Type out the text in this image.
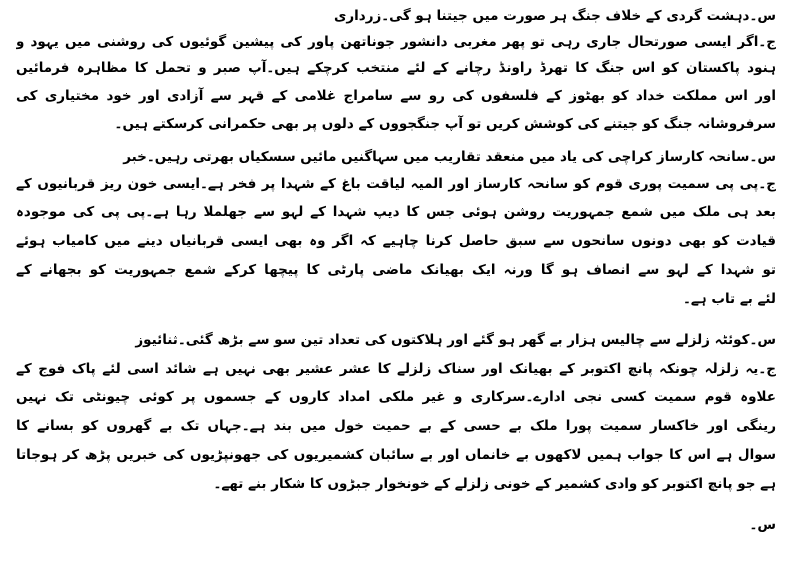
س۔دہشت گردی کے خلاف جنگ ہر صورت میں جیتنا ہو گی۔زرداری
ج۔اگر ایسی صورتحال جاری رہی تو پھر مغربی دانشور جوناتھن پاور کی پیشین گوئیوں کی روشنی میں یہود و
ہنود پاکستان کو اس جنگ کا تھرڈ راونڈ رچانے کے لئے منتخب کرچکے ہیں۔آپ صبر و تحمل کا مظاہرہ فرمائیں
اور اس مملکت خداد کو بھٹوز کے فلسفوں کی رو سے سامراج غلامی کے قہر سے آزادی اور خود مختیاری کی
سرفروشانہ جنگ کو جیتنے کی کوشش کریں تو آپ جنگجووں کے دلوں پر بھی حکمرانی کرسکتے ہیں۔
س۔سانحہ کارساز کراچی کی یاد میں منعقد تقاریب میں سہاگنیں مائیں سسکیاں بھرتی رہیں۔خبر
ج۔پی پی سمیت پوری قوم کو سانحہ کارساز اور المیہ لیاقت باغ کے شہدا پر فخر ہے۔ایسی خون ریز قربانیوں کے
بعد ہی ملک میں شمع جمہوریت روشن ہوئی جس کا دیپ شہدا کے لہو سے جھلملا رہا ہے۔پی پی کی موجودہ
قیادت کو بھی دونوں سانحوں سے سبق حاصل کرنا چاہیے کہ اگر وہ بھی ایسی قربانیاں دینے میں کامیاب ہوئے
تو شہدا کے لہو سے انصاف ہو گا ورنہ ایک بھیانک ماضی پارٹی کا پیچھا کرکے شمع جمہوریت کو بجھانے کے
لئے بے تاب ہے۔
س۔کوئٹہ زلزلے سے چالیس ہزار بے گھر ہو گئے اور ہلاکتوں کی تعداد تین سو سے بڑھ گئی۔ثنائیوز
ج۔یہ زلزلہ چونکہ پانچ اکتوبر کے بھیانک اور سناک زلزلے کا عشر عشیر بھی نہیں ہے شائد اسی لئے پاک فوج کے
علاوہ قوم سمیت کسی نجی ادارے۔سرکاری و غیر ملکی امداد کاروں کے جسموں پر کوئی چیونٹی تک نہیں
رینگی اور خاکسار سمیت پورا ملک بے حسی کے بے حمیت خول میں بند ہے۔جہاں تک بے گھروں کو بسانے کا
سوال ہے اس کا جواب ہمیں لاکھوں بے خانماں اور بے سائبان کشمیریوں کی جھونپڑیوں کی خبریں پڑھ کر ہوجاتا
ہے جو پانچ اکتوبر کو وادی کشمیر کے خونی زلزلے کے خونخوار جبڑوں کا شکار بنے تھے۔
س۔
